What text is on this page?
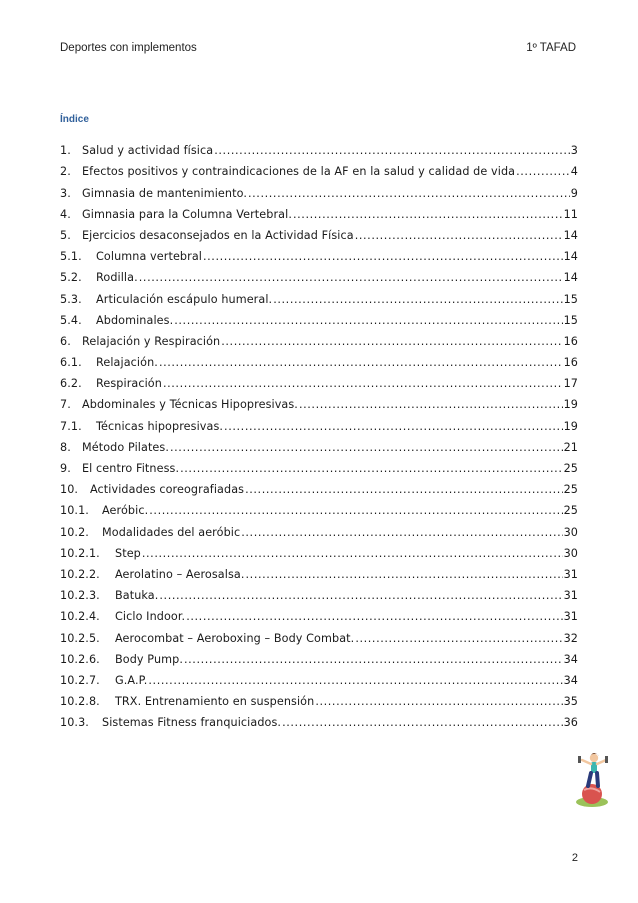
Deportes con implementos	1º TAFAD
Índice
1. Salud y actividad física .....	3
2. Efectos positivos y contraindicaciones de la AF en la salud y calidad de vida .....	4
3. Gimnasia de mantenimiento. .....	9
4. Gimnasia para la Columna Vertebral. .....	11
5. Ejercicios desaconsejados en la Actividad Física .....	14
5.1.	Columna vertebral .....	14
5.2.	Rodilla. .....	14
5.3.	Articulación escápulo humeral. .....	15
5.4.	Abdominales. .....	15
6. Relajación y Respiración .....	16
6.1.	Relajación. .....	16
6.2.	Respiración .....	17
7. Abdominales y Técnicas Hipopresivas. .....	19
7.1.	Técnicas hipopresivas. .....	19
8. Método Pilates. .....	21
9. El centro Fitness. .....	25
10.	Actividades coreografiadas .....	25
10.1.	Aeróbic. .....	25
10.2.	Modalidades del aeróbic .....	30
10.2.1.	Step .....	30
10.2.2.	Aerolatino – Aerosalsa. .....	31
10.2.3.	Batuka. .....	31
10.2.4.	Ciclo Indoor. .....	31
10.2.5.	Aerocombat – Aeroboxing – Body Combat. .....	32
10.2.6.	Body Pump. .....	34
10.2.7.	G.A.P. .....	34
10.2.8.	TRX. Entrenamiento en suspensión .....	35
10.3.	Sistemas Fitness franquiciados. .....	36
2
